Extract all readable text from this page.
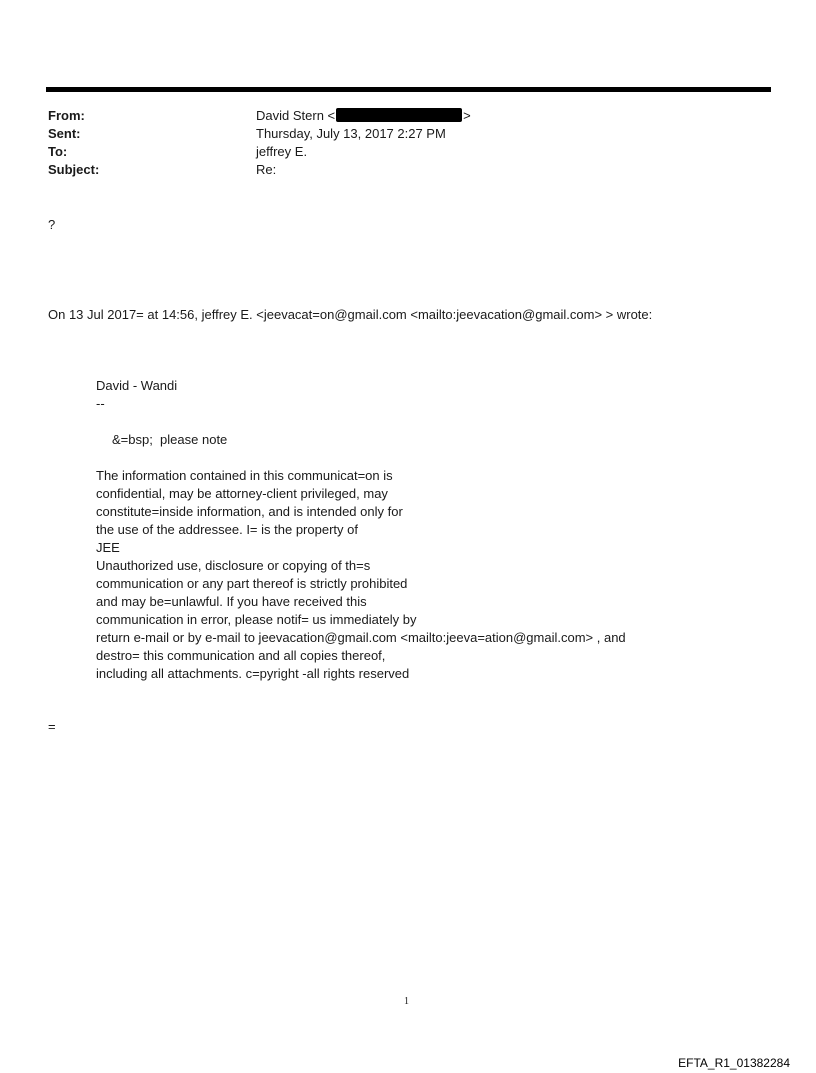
From:	David Stern <	>
Sent:	Thursday, July 13, 2017 2:27 PM
To:	jeffrey E.
Subject:	Re:
?
On 13 Jul 2017= at 14:56, jeffrey E. <jeevacat=on@gmail.com <mailto:jeevacation@gmail.com> > wrote:
David - Wandi
--
&=bsp;  please note
The information contained in this communicat=on is
confidential, may be attorney-client privileged, may
constitute=inside information, and is intended only for
the use of the addressee. I= is the property of
JEE
Unauthorized use, disclosure or copying of th=s
communication or any part thereof is strictly prohibited
and may be=unlawful. If you have received this
communication in error, please notif= us immediately by
return e-mail or by e-mail to jeevacation@gmail.com <mailto:jeeva=ation@gmail.com> , and
destro= this communication and all copies thereof,
including all attachments. c=pyright -all rights reserved
=
1
EFTA_R1_01382284
